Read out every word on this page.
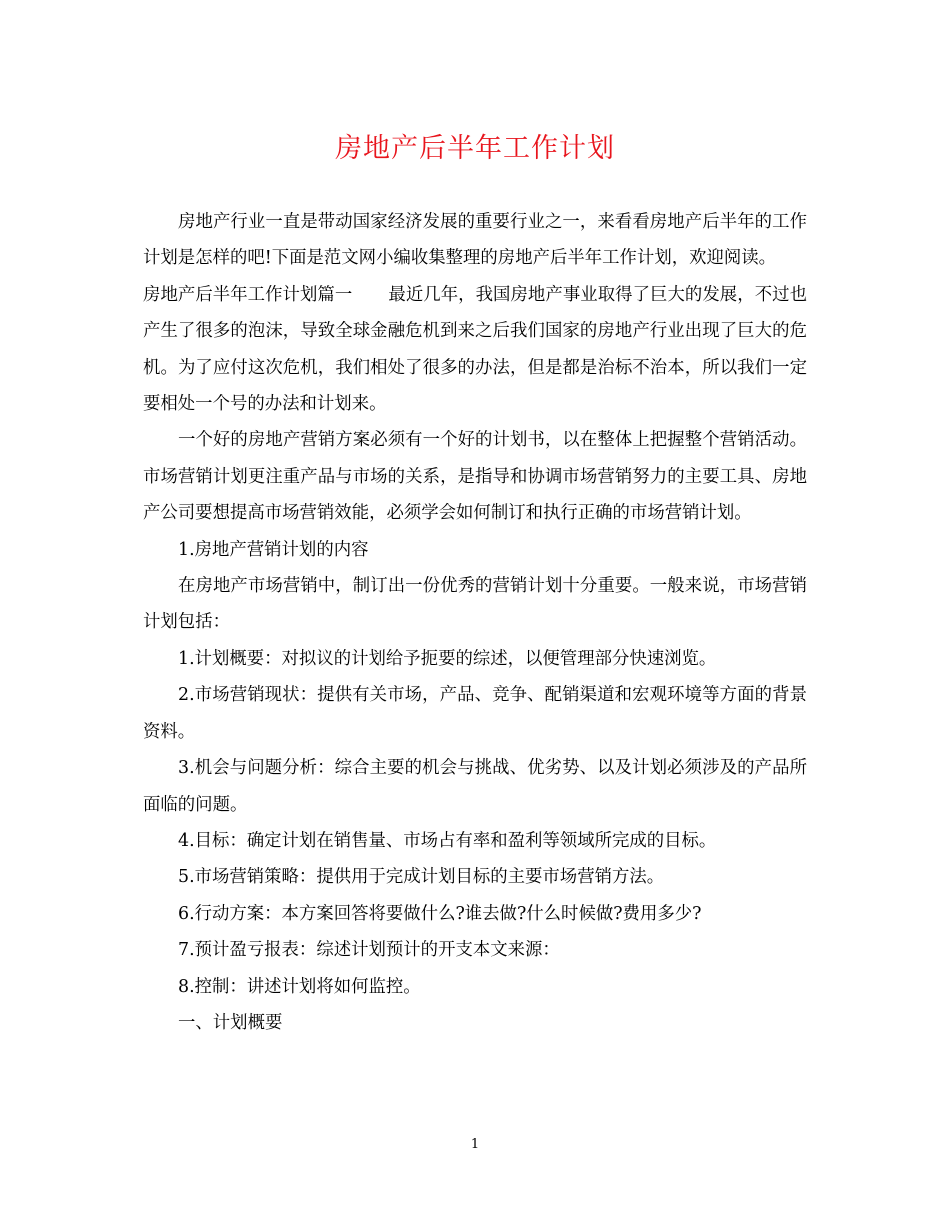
房地产后半年工作计划

房地产行业一直是带动国家经济发展的重要行业之一，来看看房地产后半年的工作计划是怎样的吧!下面是范文网小编收集整理的房地产后半年工作计划，欢迎阅读。

房地产后半年工作计划篇一 最近几年，我国房地产事业取得了巨大的发展，不过也产生了很多的泡沫，导致全球金融危机到来之后我们国家的房地产行业出现了巨大的危机。为了应付这次危机，我们相处了很多的办法，但是都是治标不治本，所以我们一定要相处一个号的办法和计划来。

一个好的房地产营销方案必须有一个好的计划书，以在整体上把握整个营销活动。市场营销计划更注重产品与市场的关系，是指导和协调市场营销努力的主要工具、房地产公司要想提高市场营销效能，必须学会如何制订和执行正确的市场营销计划。

1.房地产营销计划的内容

在房地产市场营销中，制订出一份优秀的营销计划十分重要。一般来说，市场营销计划包括：

1.计划概要：对拟议的计划给予扼要的综述，以便管理部分快速浏览。

2.市场营销现状：提供有关市场，产品、竞争、配销渠道和宏观环境等方面的背景资料。

3.机会与问题分析：综合主要的机会与挑战、优劣势、以及计划必须涉及的产品所面临的问题。

4.目标：确定计划在销售量、市场占有率和盈利等领域所完成的目标。

5.市场营销策略：提供用于完成计划目标的主要市场营销方法。

6.行动方案：本方案回答将要做什么?谁去做?什么时候做?费用多少?

7.预计盈亏报表：综述计划预计的开支本文来源：

8.控制：讲述计划将如何监控。

一、计划概要

1
